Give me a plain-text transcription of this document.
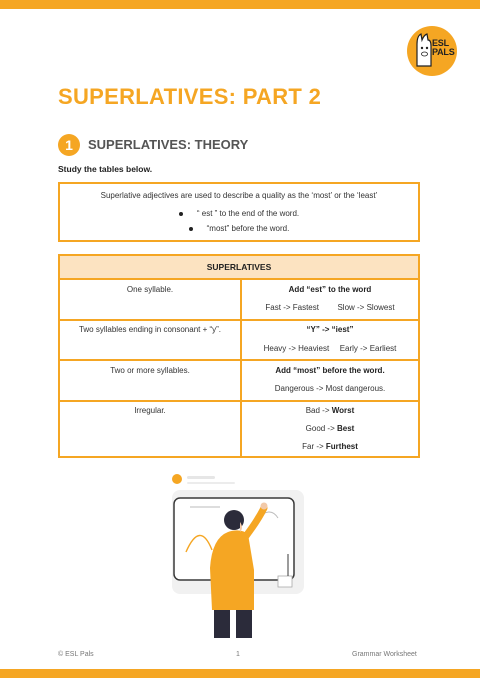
ESL
PALS
SUPERLATIVES: PART 2
1	SUPERLATIVES: THEORY
Study the tables below.
Superlative adjectives are used to describe a quality as the ‘most’ or the ‘least’
“ est ” to the end of the word.
“most” before the word.
SUPERLATIVES
One syllable.	Add “est” to the word
Fast -> Fastest Slow -> Slowest
Two syllables ending in consonant + “y”.	“Y” -> “iest”
Heavy -> Heaviest Early -> Earliest
Two or more syllables.	Add “most” before the word.
Dangerous -> Most dangerous.
Irregular.	Bad -> Worst
Good -> Best
Far -> Furthest
© ESL Pals	1	Grammar Worksheet
